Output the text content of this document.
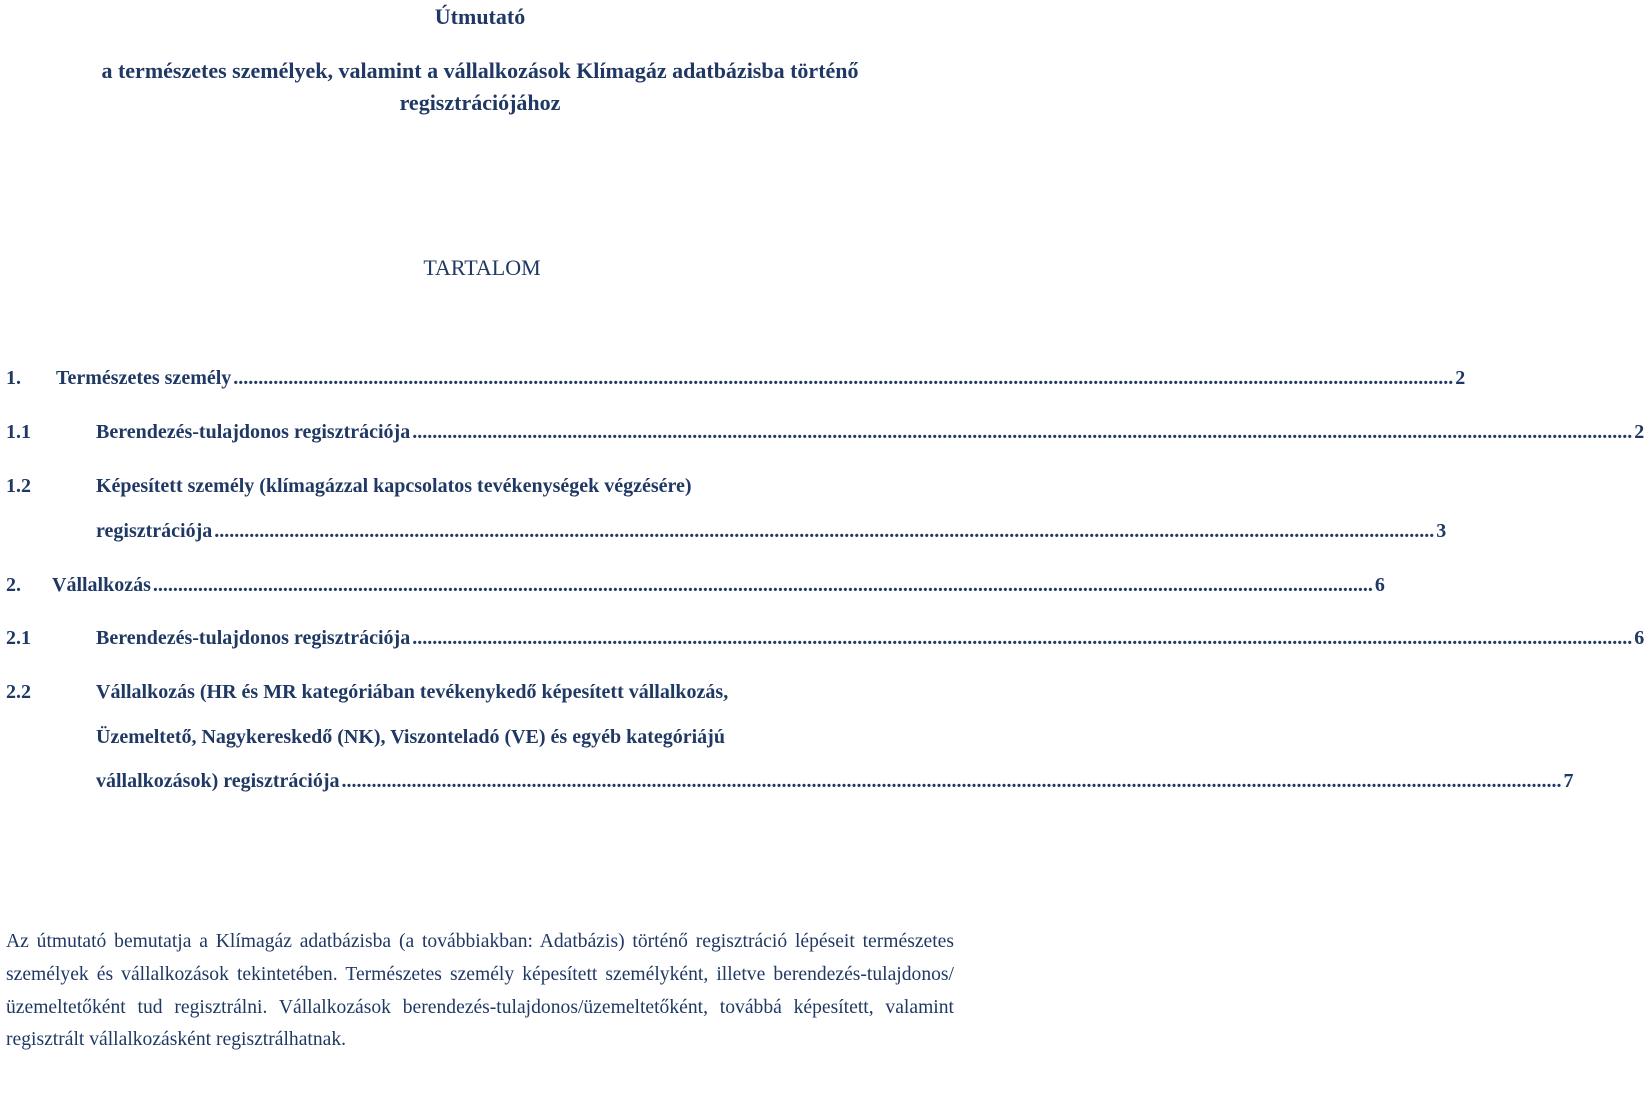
Útmutató
a természetes személyek, valamint a vállalkozások Klímagáz adatbázisba történő
regisztrációjához
TARTALOM
1.	Természetes személy .....	2
1.1	Berendezés-tulajdonos regisztrációja .....	2
1.2	Képesített személy (klímagázzal kapcsolatos tevékenységek végzésére)
regisztrációja .....	3
2.	Vállalkozás .....	6
2.1	Berendezés-tulajdonos regisztrációja .....	6
2.2	Vállalkozás (HR és MR kategóriában tevékenykedő képesített vállalkozás,
Üzemeltető, Nagykereskedő (NK), Viszonteladó (VE) és egyéb kategóriájú
vállalkozások) regisztrációja .....	7

Az útmutató bemutatja a Klímagáz adatbázisba (a továbbiakban: Adatbázis) történő regisztráció lépéseit természetes személyek és vállalkozások tekintetében. Természetes személy képesített személyként, illetve berendezés-tulajdonos/üzemeltetőként tud regisztrálni. Vállalkozások berendezés-tulajdonos/üzemeltetőként, továbbá képesített, valamint regisztrált vállalkozásként regisztrálhatnak.
